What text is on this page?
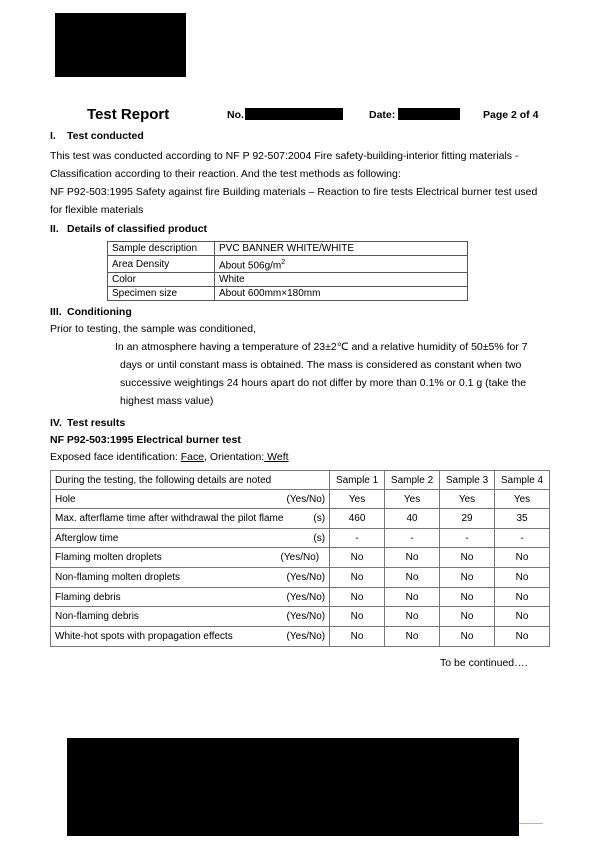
Test Report	No.	Date:	Page 2 of 4
I. Test conducted
This test was conducted according to NF P 92-507:2004 Fire safety-building-interior fitting materials -
Classification according to their reaction. And the test methods as following:
NF P92-503:1995 Safety against fire Building materials – Reaction to fire tests Electrical burner test used
for flexible materials
II. Details of classified product
Sample description	PVC BANNER WHITE/WHITE
Area Density	About $506g/m^2$
Color	White
Specimen size	About 600mm×180mm
III. Conditioning
Prior to testing, the sample was conditioned,
In an atmosphere having a temperature of 23±2℃ and a relative humidity of 50±5% for 7
days or until constant mass is obtained. The mass is considered as constant when two
successive weightings 24 hours apart do not differ by more than 0.1% or 0.1 g (take the
highest mass value)
IV. Test results
NF P92-503:1995 Electrical burner test
Exposed face identification: Face, Orientation: Weft
During the testing, the following details are noted	Sample 1	Sample 2	Sample 3	Sample 4

Hole (Yes/No)	Yes	Yes	Yes	Yes

Max. afterflame time after withdrawal the pilot flame (s)	460	40	29	35

Afterglow time (s)	-	-	-	-

Flaming molten droplets (Yes/No)	No	No	No	No

Non-flaming molten droplets (Yes/No)	No	No	No	No

Flaming debris (Yes/No)	No	No	No	No

Non-flaming debris (Yes/No)	No	No	No	No

White-hot spots with propagation effects (Yes/No)	No	No	No	No
To be continued….
